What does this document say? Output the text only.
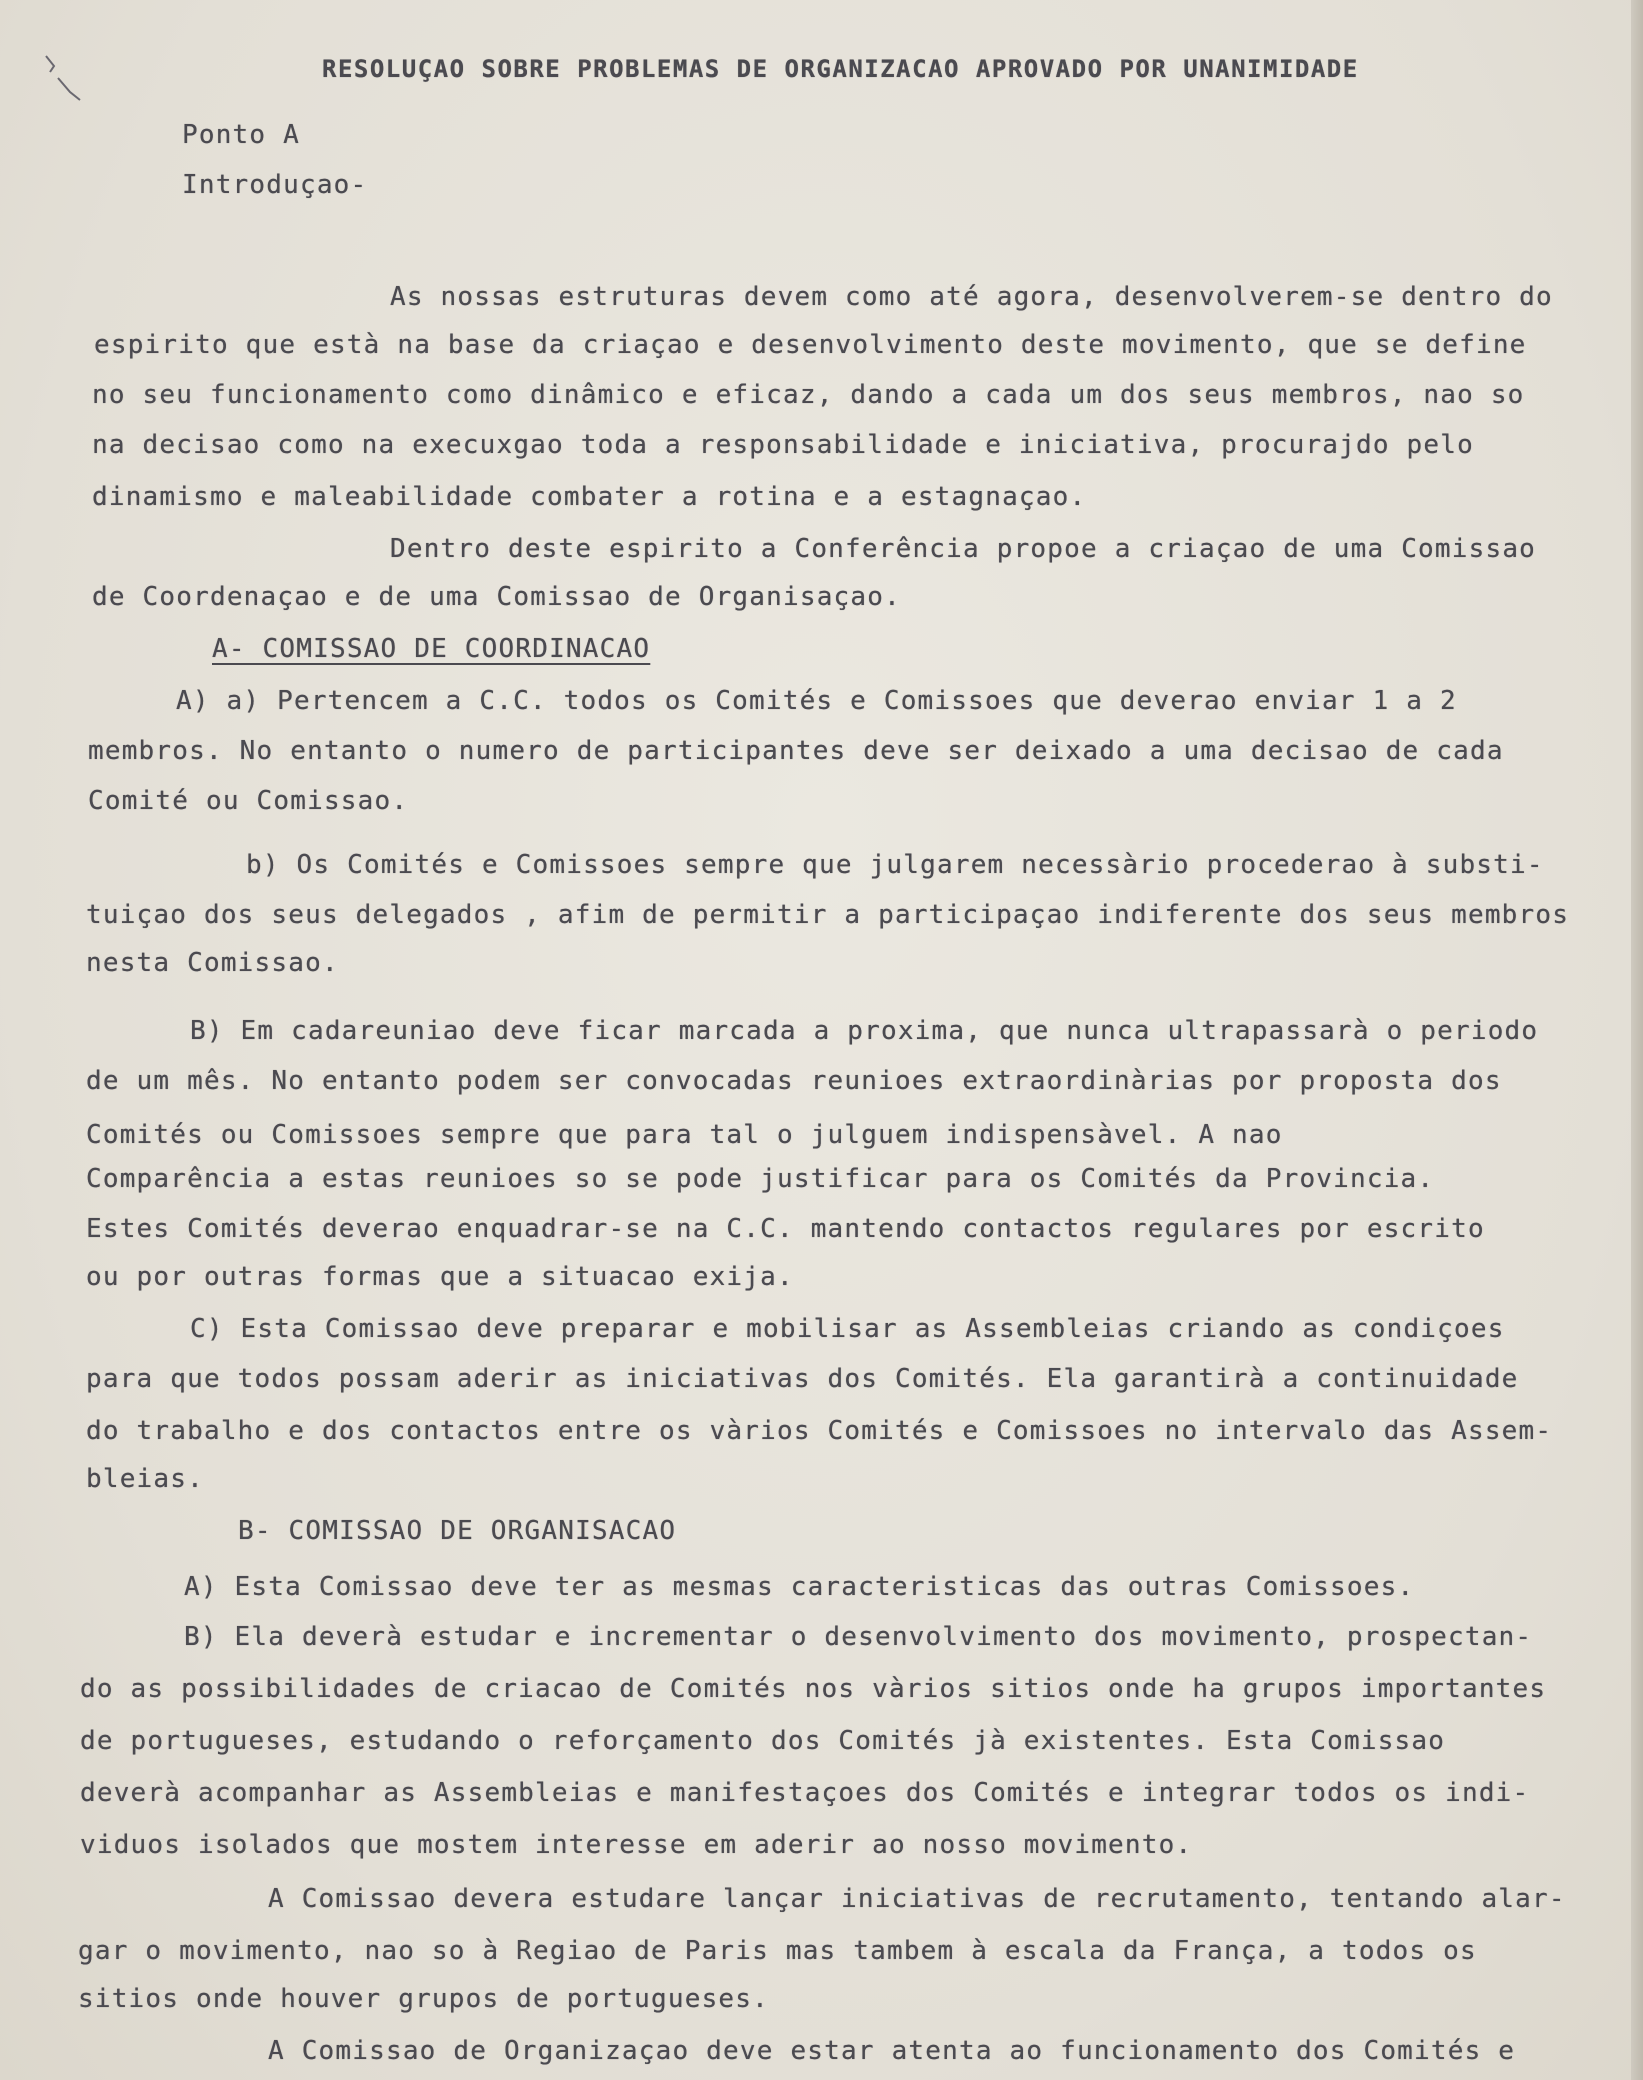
RESOLUÇAO SOBRE PROBLEMAS DE ORGANIZACAO APROVADO POR UNANIMIDADE
Ponto A
Introduçao-
As nossas estruturas devem como até agora, desenvolverem-se dentro do
espirito que està na base da criaçao e desenvolvimento deste movimento, que se define
no seu funcionamento como dinâmico e eficaz, dando a cada um dos seus membros, nao so
na decisao como na execuxgao toda a responsabilidade e iniciativa, procurajdo pelo
dinamismo e maleabilidade combater a rotina e a estagnaçao.
Dentro deste espirito a Conferência propoe a criaçao de uma Comissao
de Coordenaçao e de uma Comissao de Organisaçao.
A- COMISSAO DE COORDINACAO
A) a) Pertencem a C.C. todos os Comités e Comissoes que deverao enviar 1 a 2
membros. No entanto o numero de participantes deve ser deixado a uma decisao de cada
Comité ou Comissao.
b) Os Comités e Comissoes sempre que julgarem necessàrio procederao à substi-
tuiçao dos seus delegados , afim de permitir a participaçao indiferente dos seus membros
nesta Comissao.
B) Em cadareuniao deve ficar marcada a proxima, que nunca ultrapassarà o periodo
de um mês. No entanto podem ser convocadas reunioes extraordinàrias por proposta dos
Comités ou Comissoes sempre que para tal o julguem indispensàvel. A nao
Comparência a estas reunioes so se pode justificar para os Comités da Provincia.
Estes Comités deverao enquadrar-se na C.C. mantendo contactos regulares por escrito
ou por outras formas que a situacao exija.
C) Esta Comissao deve preparar e mobilisar as Assembleias criando as condiçoes
para que todos possam aderir as iniciativas dos Comités. Ela garantirà a continuidade
do trabalho e dos contactos entre os vàrios Comités e Comissoes no intervalo das Assem-
bleias.
B- COMISSAO DE ORGANISACAO
A) Esta Comissao deve ter as mesmas caracteristicas das outras Comissoes.
B) Ela deverà estudar e incrementar o desenvolvimento dos movimento, prospectan-
do as possibilidades de criacao de Comités nos vàrios sitios onde ha grupos importantes
de portugueses, estudando o reforçamento dos Comités jà existentes. Esta Comissao
deverà acompanhar as Assembleias e manifestaçoes dos Comités e integrar todos os indi-
viduos isolados que mostem interesse em aderir ao nosso movimento.
A Comissao devera estudare lançar iniciativas de recrutamento, tentando alar-
gar o movimento, nao so à Regiao de Paris mas tambem à escala da França, a todos os
sitios onde houver grupos de portugueses.
A Comissao de Organizaçao deve estar atenta ao funcionamento dos Comités e
